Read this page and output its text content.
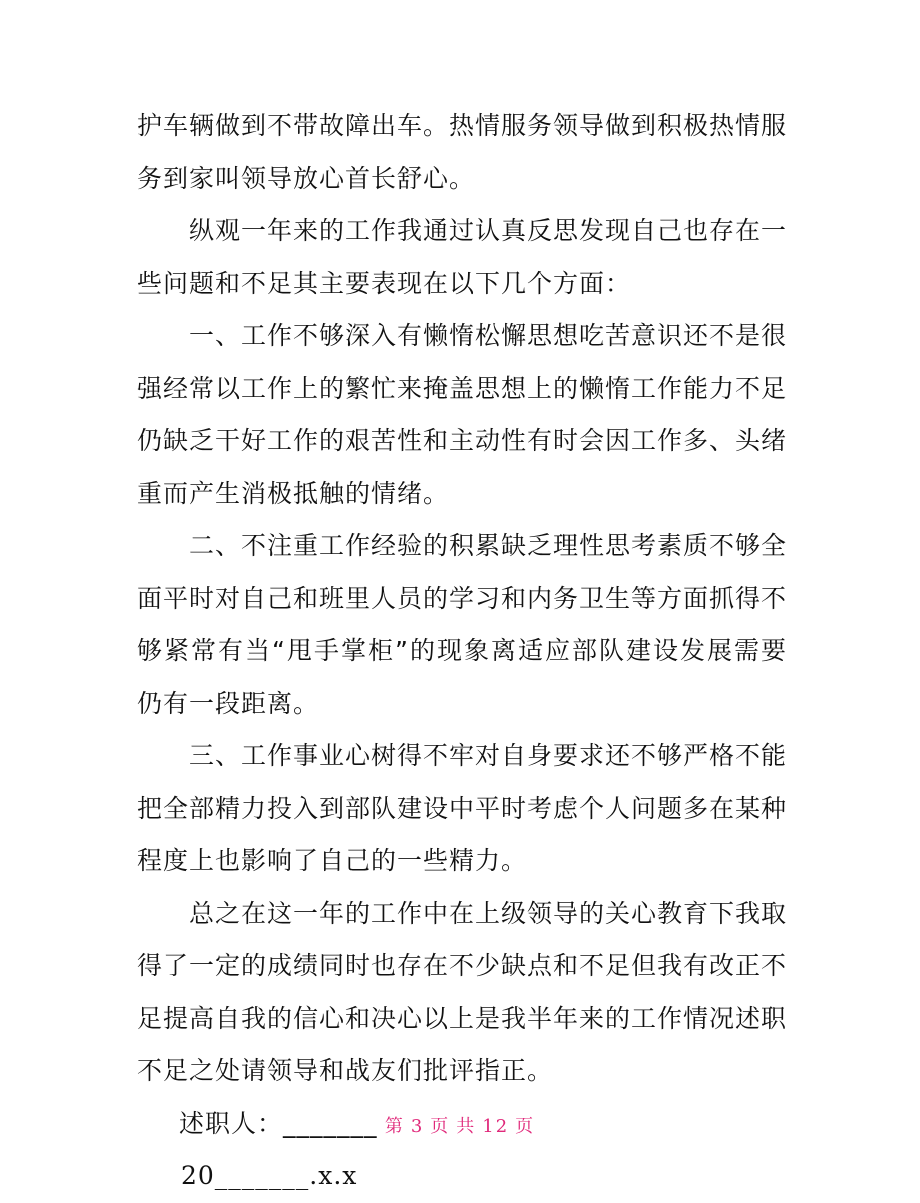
护车辆做到不带故障出车。热情服务领导做到积极热情服务到家叫领导放心首长舒心。

纵观一年来的工作我通过认真反思发现自己也存在一些问题和不足其主要表现在以下几个方面：

一、工作不够深入有懒惰松懈思想吃苦意识还不是很强经常以工作上的繁忙来掩盖思想上的懒惰工作能力不足仍缺乏干好工作的艰苦性和主动性有时会因工作多、头绪重而产生消极抵触的情绪。

二、不注重工作经验的积累缺乏理性思考素质不够全面平时对自己和班里人员的学习和内务卫生等方面抓得不够紧常有当“甩手掌柜”的现象离适应部队建设发展需要仍有一段距离。

三、工作事业心树得不牢对自身要求还不够严格不能把全部精力投入到部队建设中平时考虑个人问题多在某种程度上也影响了自己的一些精力。

总之在这一年的工作中在上级领导的关心教育下我取得了一定的成绩同时也存在不少缺点和不足但我有改正不足提高自我的信心和决心以上是我半年来的工作情况述职不足之处请领导和战友们批评指正。

述职人：_______

20_______.x.x

第 3 页 共 12 页
